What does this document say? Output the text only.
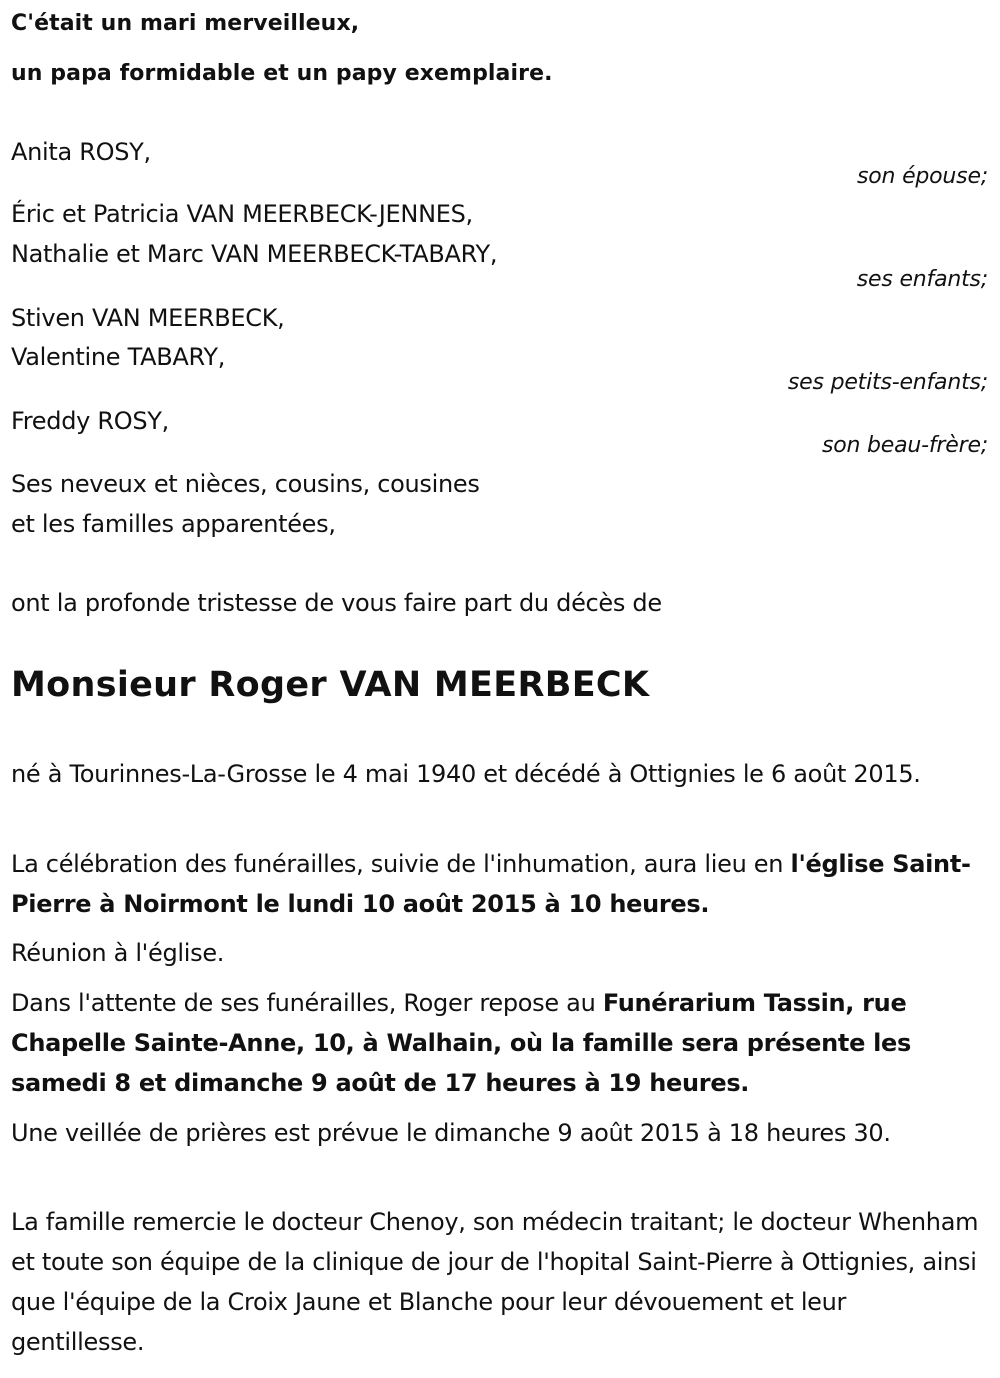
C'était un mari merveilleux,
un papa formidable et un papy exemplaire.
Anita ROSY,
son épouse;
Éric et Patricia VAN MEERBECK-JENNES,
Nathalie et Marc VAN MEERBECK-TABARY,
ses enfants;
Stiven VAN MEERBECK,
Valentine TABARY,
ses petits-enfants;
Freddy ROSY,
son beau-frère;
Ses neveux et nièces, cousins, cousines
et les familles apparentées,
ont la profonde tristesse de vous faire part du décès de
Monsieur Roger VAN MEERBECK
né à Tourinnes-La-Grosse le 4 mai 1940 et décédé à Ottignies le 6 août 2015.
La célébration des funérailles, suivie de l'inhumation, aura lieu en l'église Saint-Pierre à Noirmont le lundi 10 août 2015 à 10 heures.
Réunion à l'église.
Dans l'attente de ses funérailles, Roger repose au Funérarium Tassin, rue Chapelle Sainte-Anne, 10, à Walhain, où la famille sera présente les samedi 8 et dimanche 9 août de 17 heures à 19 heures.
Une veillée de prières est prévue le dimanche 9 août 2015 à 18 heures 30.
La famille remercie le docteur Chenoy, son médecin traitant; le docteur Whenham et toute son équipe de la clinique de jour de l'hopital Saint-Pierre à Ottignies, ainsi que l'équipe de la Croix Jaune et Blanche pour leur dévouement et leur gentillesse.
